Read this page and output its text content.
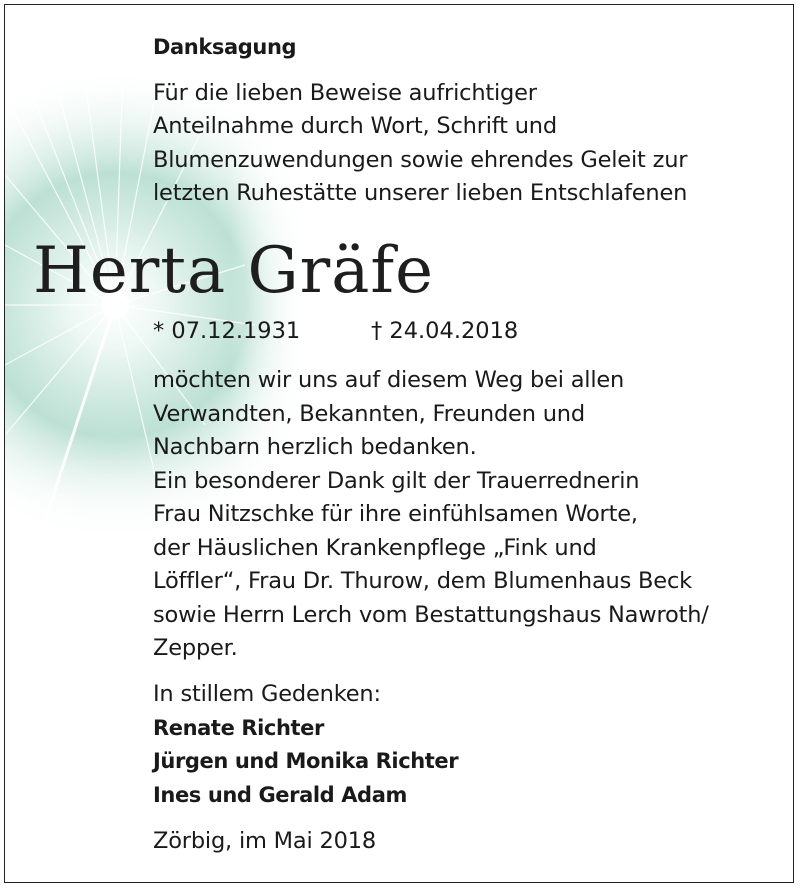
Danksagung
Für die lieben Beweise aufrichtiger
Anteilnahme durch Wort, Schrift und
Blumenzuwendungen sowie ehrendes Geleit zur
letzten Ruhestätte unserer lieben Entschlafenen
* 07.12.1931	† 24.04.2018
möchten wir uns auf diesem Weg bei allen
Verwandten, Bekannten, Freunden und
Nachbarn herzlich bedanken.
Ein besonderer Dank gilt der Trauerrednerin
Frau Nitzschke für ihre einfühlsamen Worte,
der Häuslichen Krankenpflege „Fink und
Löffler“, Frau Dr. Thurow, dem Blumenhaus Beck
sowie Herrn Lerch vom Bestattungshaus Nawroth/
Zepper.
In stillem Gedenken:
Renate Richter
Jürgen und Monika Richter
Ines und Gerald Adam
Zörbig, im Mai 2018
Herta Gräfe
